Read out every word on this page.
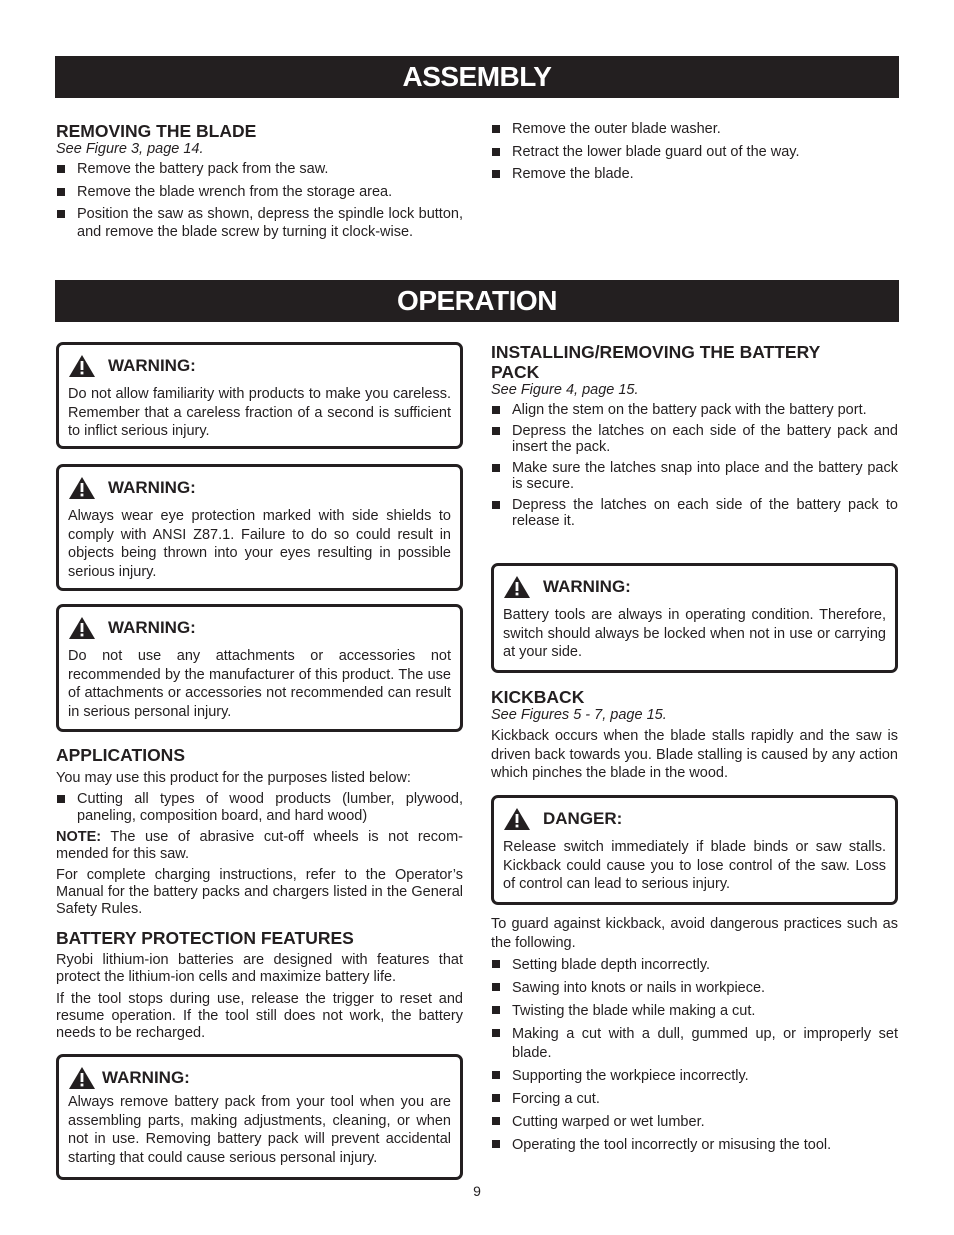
ASSEMBLY
REMOVING THE BLADE

See Figure 3, page 14.

Remove the battery pack from the saw.
Remove the blade wrench from the storage area.
Position the saw as shown, depress the spindle lock button, and remove the blade screw by turning it clock-wise.
Remove the outer blade washer.
Retract the lower blade guard out of the way.
Remove the blade.
OPERATION
WARNING:

Do not allow familiarity with products to make you careless. Remember that a careless fraction of a second is sufficient to inflict serious injury.

WARNING:

Always wear eye protection marked with side shields to comply with ANSI Z87.1. Failure to do so could result in objects being thrown into your eyes resulting in possible serious injury.

WARNING:

Do not use any attachments or accessories not recommended by the manufacturer of this product. The use of attachments or accessories not recommended can result in serious personal injury.

APPLICATIONS

You may use this product for the purposes listed below:

Cutting all types of wood products (lumber, plywood, paneling, composition board, and hard wood)

NOTE: The use of abrasive cut-off wheels is not recom-mended for this saw.

For complete charging instructions, refer to the Operator’s Manual for the battery packs and chargers listed in the General Safety Rules.

BATTERY PROTECTION FEATURES

Ryobi lithium-ion batteries are designed with features that protect the lithium-ion cells and maximize battery life.

If the tool stops during use, release the trigger to reset and resume operation. If the tool still does not work, the battery needs to be recharged.

WARNING:

Always remove battery pack from your tool when you are assembling parts, making adjustments, cleaning, or when not in use. Removing battery pack will prevent accidental starting that could cause serious personal injury.

INSTALLING/REMOVING THE BATTERY PACK

See Figure 4, page 15.

Align the stem on the battery pack with the battery port.
Depress the latches on each side of the battery pack and insert the pack.
Make sure the latches snap into place and the battery pack is secure.
Depress the latches on each side of the battery pack to release it.
WARNING:

Battery tools are always in operating condition. Therefore, switch should always be locked when not in use or carrying at your side.

KICKBACK

See Figures 5 - 7, page 15.

Kickback occurs when the blade stalls rapidly and the saw is driven back towards you. Blade stalling is caused by any action which pinches the blade in the wood.

DANGER:

Release switch immediately if blade binds or saw stalls. Kickback could cause you to lose control of the saw. Loss of control can lead to serious injury.

To guard against kickback, avoid dangerous practices such as the following.

Setting blade depth incorrectly.
Sawing into knots or nails in workpiece.
Twisting the blade while making a cut.
Making a cut with a dull, gummed up, or improperly set blade.
Supporting the workpiece incorrectly.
Forcing a cut.
Cutting warped or wet lumber.
Operating the tool incorrectly or misusing the tool.
9
